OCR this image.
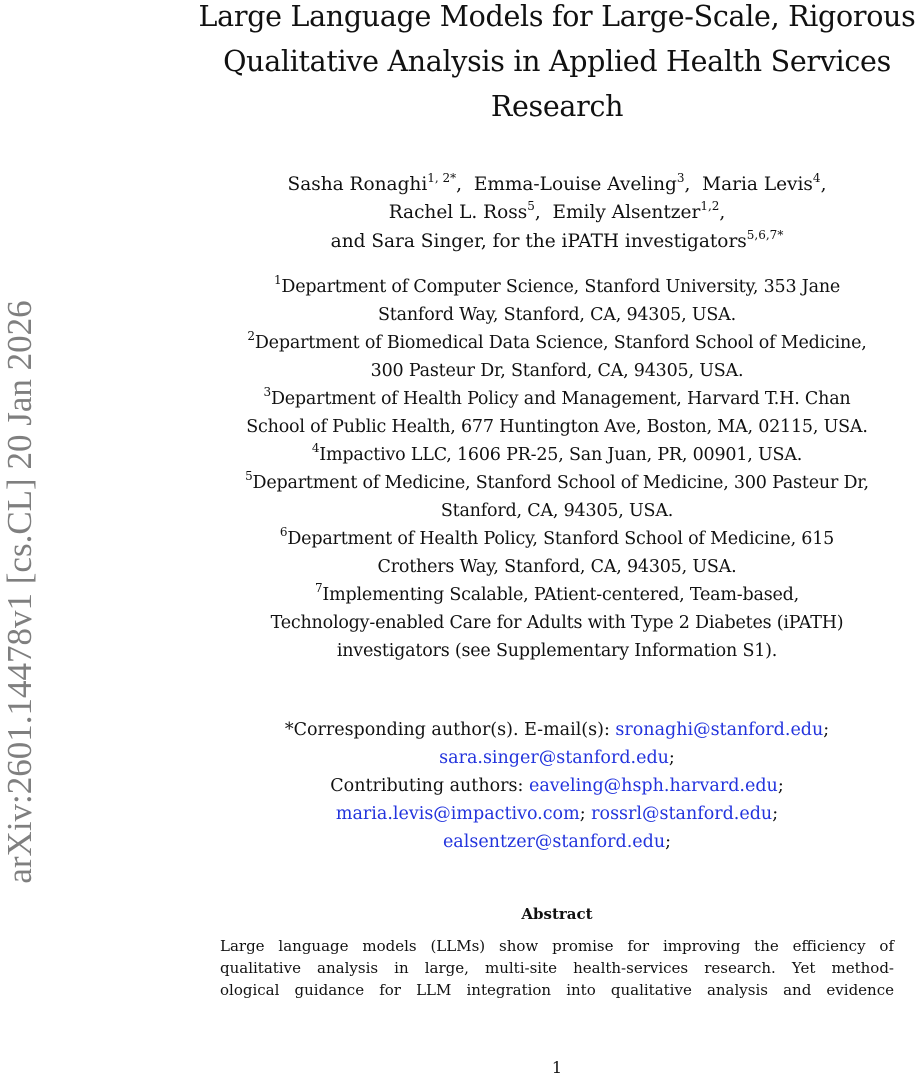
arXiv:2601.14478v1 [cs.CL] 20 Jan 2026
Large Language Models for Large-Scale, Rigorous
Qualitative Analysis in Applied Health Services
Research
Sasha Ronaghi$^{1, 2*}$, Emma-Louise Aveling$^3$, Maria Levis$^4$,
Rachel L. Ross$^5$, Emily Alsentzer$^{1,2}$,
and Sara Singer, for the iPATH investigators$^{5,6,7*}$
$^1$Department of Computer Science, Stanford University, 353 Jane
Stanford Way, Stanford, CA, 94305, USA.
$^2$Department of Biomedical Data Science, Stanford School of Medicine,
300 Pasteur Dr, Stanford, CA, 94305, USA.
$^3$Department of Health Policy and Management, Harvard T.H. Chan
School of Public Health, 677 Huntington Ave, Boston, MA, 02115, USA.
$^4$Impactivo LLC, 1606 PR-25, San Juan, PR, 00901, USA.
$^5$Department of Medicine, Stanford School of Medicine, 300 Pasteur Dr,
Stanford, CA, 94305, USA.
$^6$Department of Health Policy, Stanford School of Medicine, 615
Crothers Way, Stanford, CA, 94305, USA.
$^7$Implementing Scalable, PAtient-centered, Team-based,
Technology-enabled Care for Adults with Type 2 Diabetes (iPATH)
investigators (see Supplementary Information S1).
*Corresponding author(s). E-mail(s): sronaghi@stanford.edu;
sara.singer@stanford.edu;
Contributing authors: eaveling@hsph.harvard.edu;
maria.levis@impactivo.com; rossrl@stanford.edu;
ealsentzer@stanford.edu;
Abstract
Large language models (LLMs) show promise for improving the efficiency of
qualitative analysis in large, multi-site health-services research. Yet method-
ological guidance for LLM integration into qualitative analysis and evidence
1
